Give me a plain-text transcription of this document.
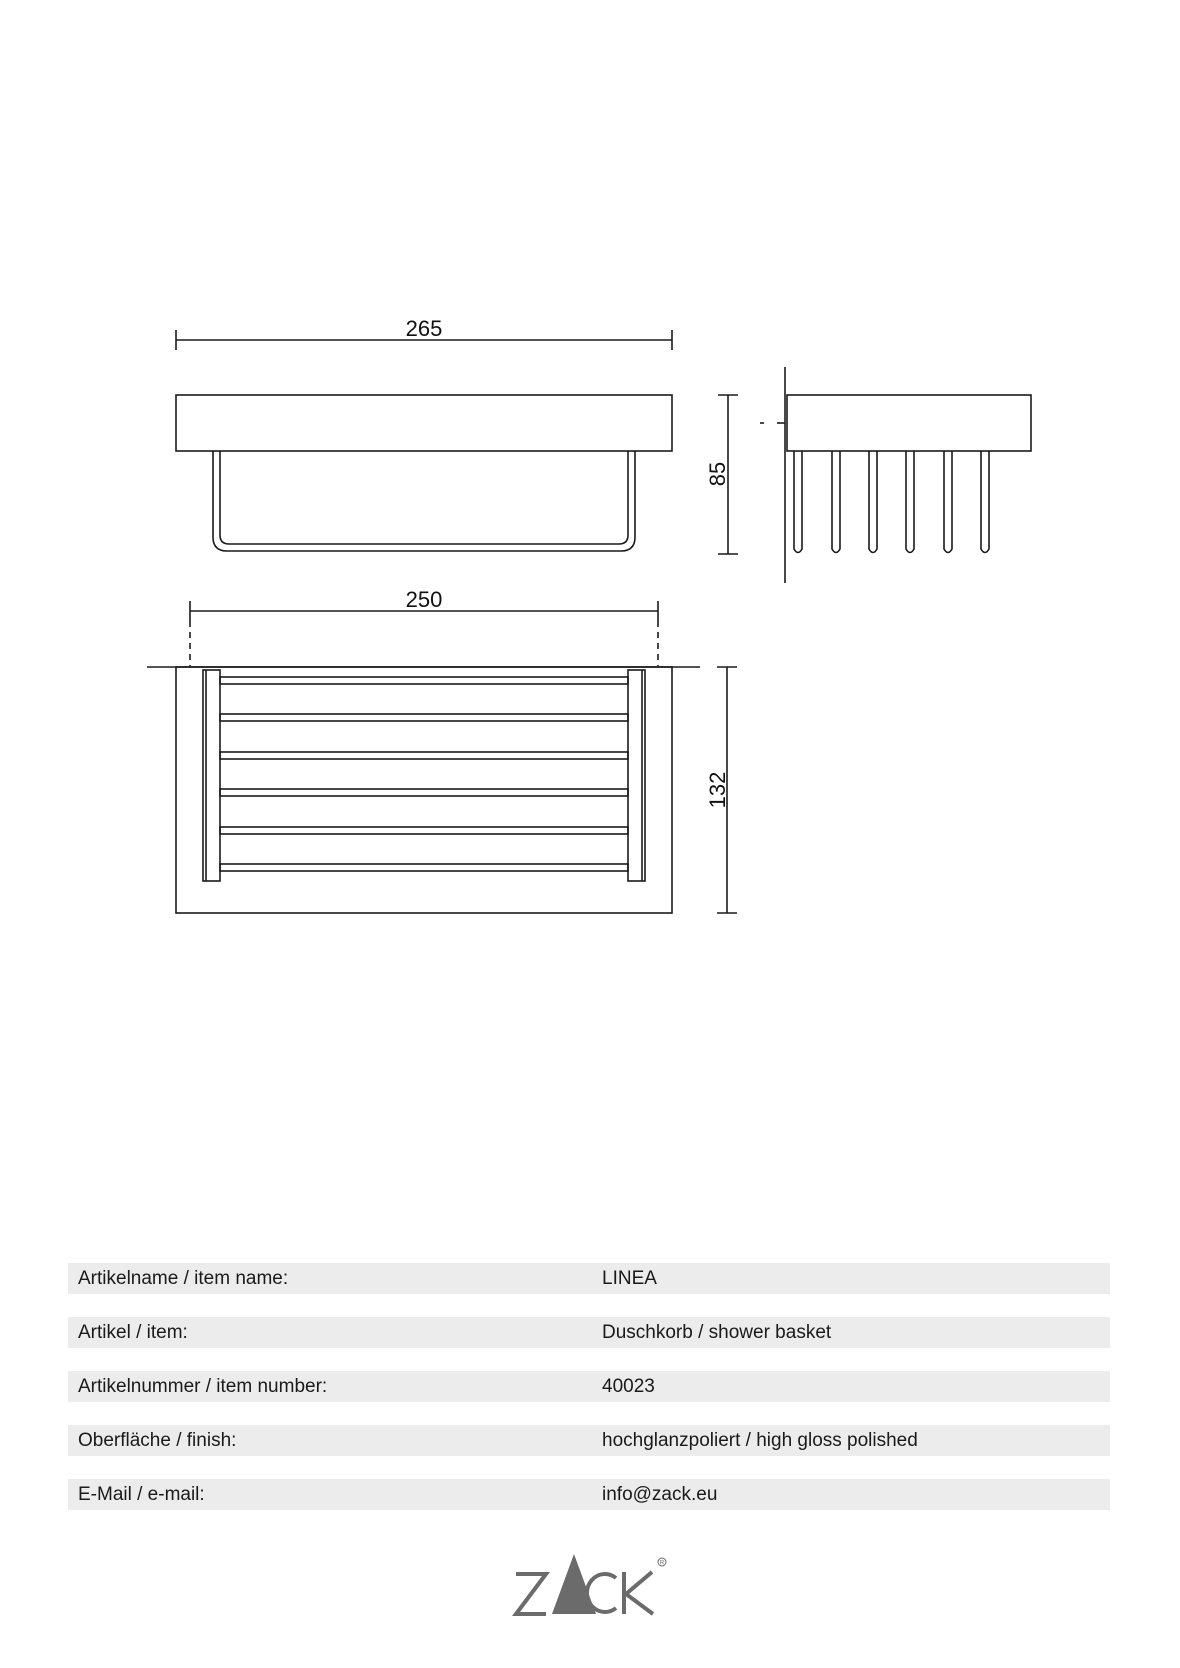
265
85
250
132
Artikelname / item name:	LINEA
Artikel / item:	Duschkorb / shower basket
Artikelnummer / item number:	40023
Oberfläche / finish:	hochglanzpoliert / high gloss polished
E-Mail / e-mail:	info@zack.eu
R
